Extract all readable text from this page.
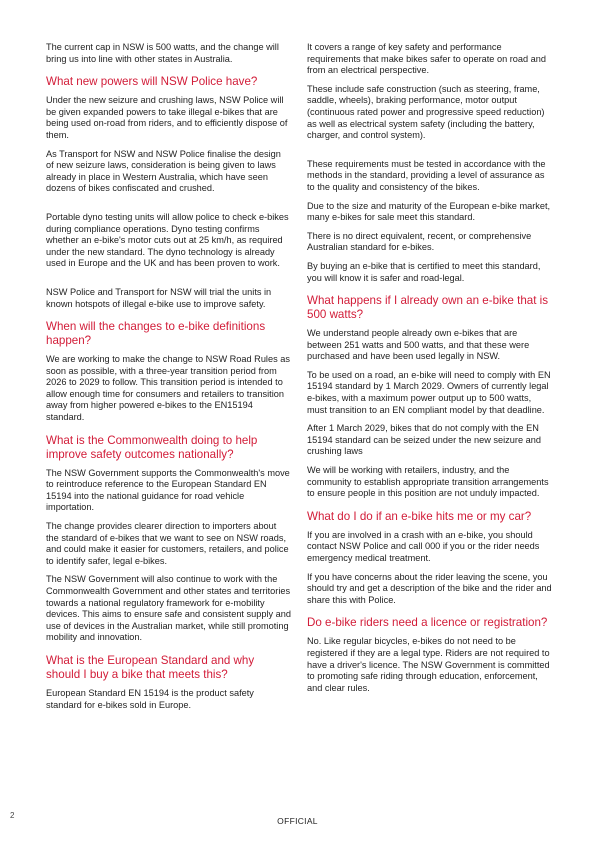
The current cap in NSW is 500 watts, and the change will bring us into line with other states in Australia.

What new powers will NSW Police have?

Under the new seizure and crushing laws, NSW Police will be given expanded powers to take illegal e-bikes that are being used on-road from riders, and to efficiently dispose of them.

As Transport for NSW and NSW Police finalise the design of new seizure laws, consideration is being given to laws already in place in Western Australia, which have seen dozens of bikes confiscated and crushed.

Portable dyno testing units will allow police to check e-bikes during compliance operations. Dyno testing confirms whether an e-bike's motor cuts out at 25 km/h, as required under the new standard. The dyno technology is already used in Europe and the UK and has been proven to work.

NSW Police and Transport for NSW will trial the units in known hotspots of illegal e-bike use to improve safety.

When will the changes to e-bike definitions happen?

We are working to make the change to NSW Road Rules as soon as possible, with a three-year transition period from 2026 to 2029 to follow. This transition period is intended to allow enough time for consumers and retailers to transition away from higher powered e-bikes to the EN15194 standard.

What is the Commonwealth doing to help improve safety outcomes nationally?

The NSW Government supports the Commonwealth's move to reintroduce reference to the European Standard EN 15194 into the national guidance for road vehicle importation.

The change provides clearer direction to importers about the standard of e-bikes that we want to see on NSW roads, and could make it easier for customers, retailers, and police to identify safer, legal e-bikes.

The NSW Government will also continue to work with the Commonwealth Government and other states and territories towards a national regulatory framework for e-mobility devices. This aims to ensure safe and consistent supply and use of devices in the Australian market, while still promoting mobility and innovation.

What is the European Standard and why should I buy a bike that meets this?

European Standard EN 15194 is the product safety standard for e-bikes sold in Europe.

It covers a range of key safety and performance requirements that make bikes safer to operate on road and from an electrical perspective.

These include safe construction (such as steering, frame, saddle, wheels), braking performance, motor output (continuous rated power and progressive speed reduction) as well as electrical system safety (including the battery, charger, and control system).

These requirements must be tested in accordance with the methods in the standard, providing a level of assurance as to the quality and consistency of the bikes.

Due to the size and maturity of the European e-bike market, many e-bikes for sale meet this standard.

There is no direct equivalent, recent, or comprehensive Australian standard for e-bikes.

By buying an e-bike that is certified to meet this standard, you will know it is safer and road-legal.

What happens if I already own an e-bike that is 500 watts?

We understand people already own e-bikes that are between 251 watts and 500 watts, and that these were purchased and have been used legally in NSW.

To be used on a road, an e-bike will need to comply with EN 15194 standard by 1 March 2029. Owners of currently legal e-bikes, with a maximum power output up to 500 watts, must transition to an EN compliant model by that deadline.

After 1 March 2029, bikes that do not comply with the EN 15194 standard can be seized under the new seizure and crushing laws

We will be working with retailers, industry, and the community to establish appropriate transition arrangements to ensure people in this position are not unduly impacted.

What do I do if an e-bike hits me or my car?

If you are involved in a crash with an e-bike, you should contact NSW Police and call 000 if you or the rider needs emergency medical treatment.

If you have concerns about the rider leaving the scene, you should try and get a description of the bike and the rider and share this with Police.

Do e-bike riders need a licence or registration?

No. Like regular bicycles, e-bikes do not need to be registered if they are a legal type. Riders are not required to have a driver's licence. The NSW Government is committed to promoting safe riding through education, enforcement, and clear rules.

2
OFFICIAL
